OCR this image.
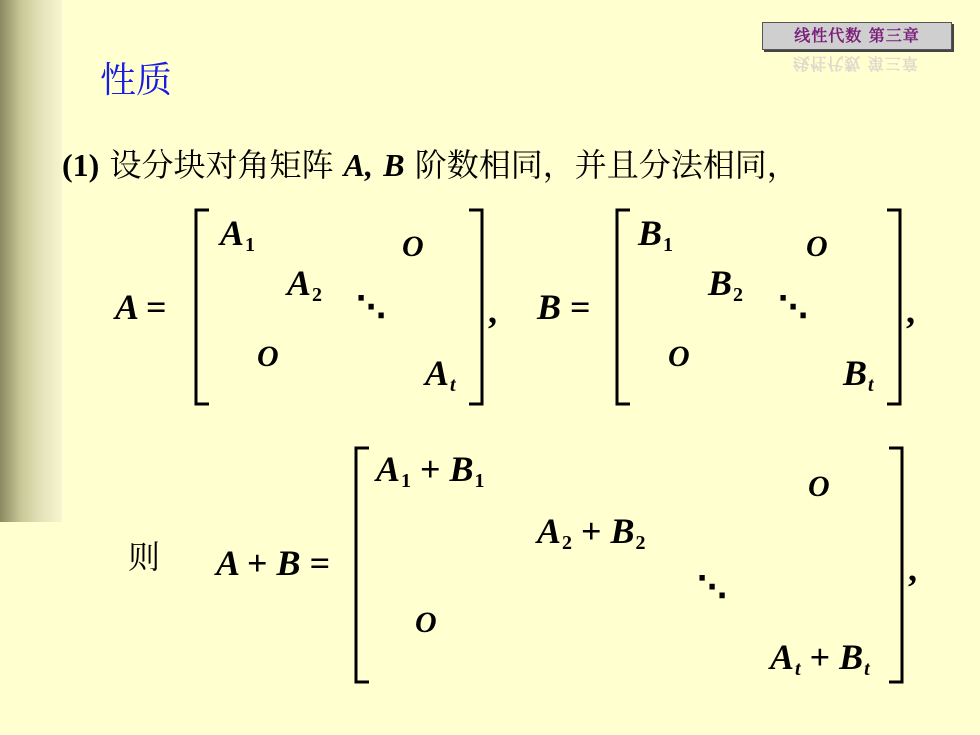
线性代数 第三章
线性代数 第三章
性质
(1) 设分块对角矩阵 A, B 阶数相同，并且分法相同，
A =
$A_1$	O
$A_2$ ⋱
O	$A_t$
, B =
$B_1$	O
$B_2$ ⋱
O	$B_t$
,
则 A + B =
$A_1 + B_1$	O
$A_2 + B_2$
⋱
O
$A_t + B_t$
,
